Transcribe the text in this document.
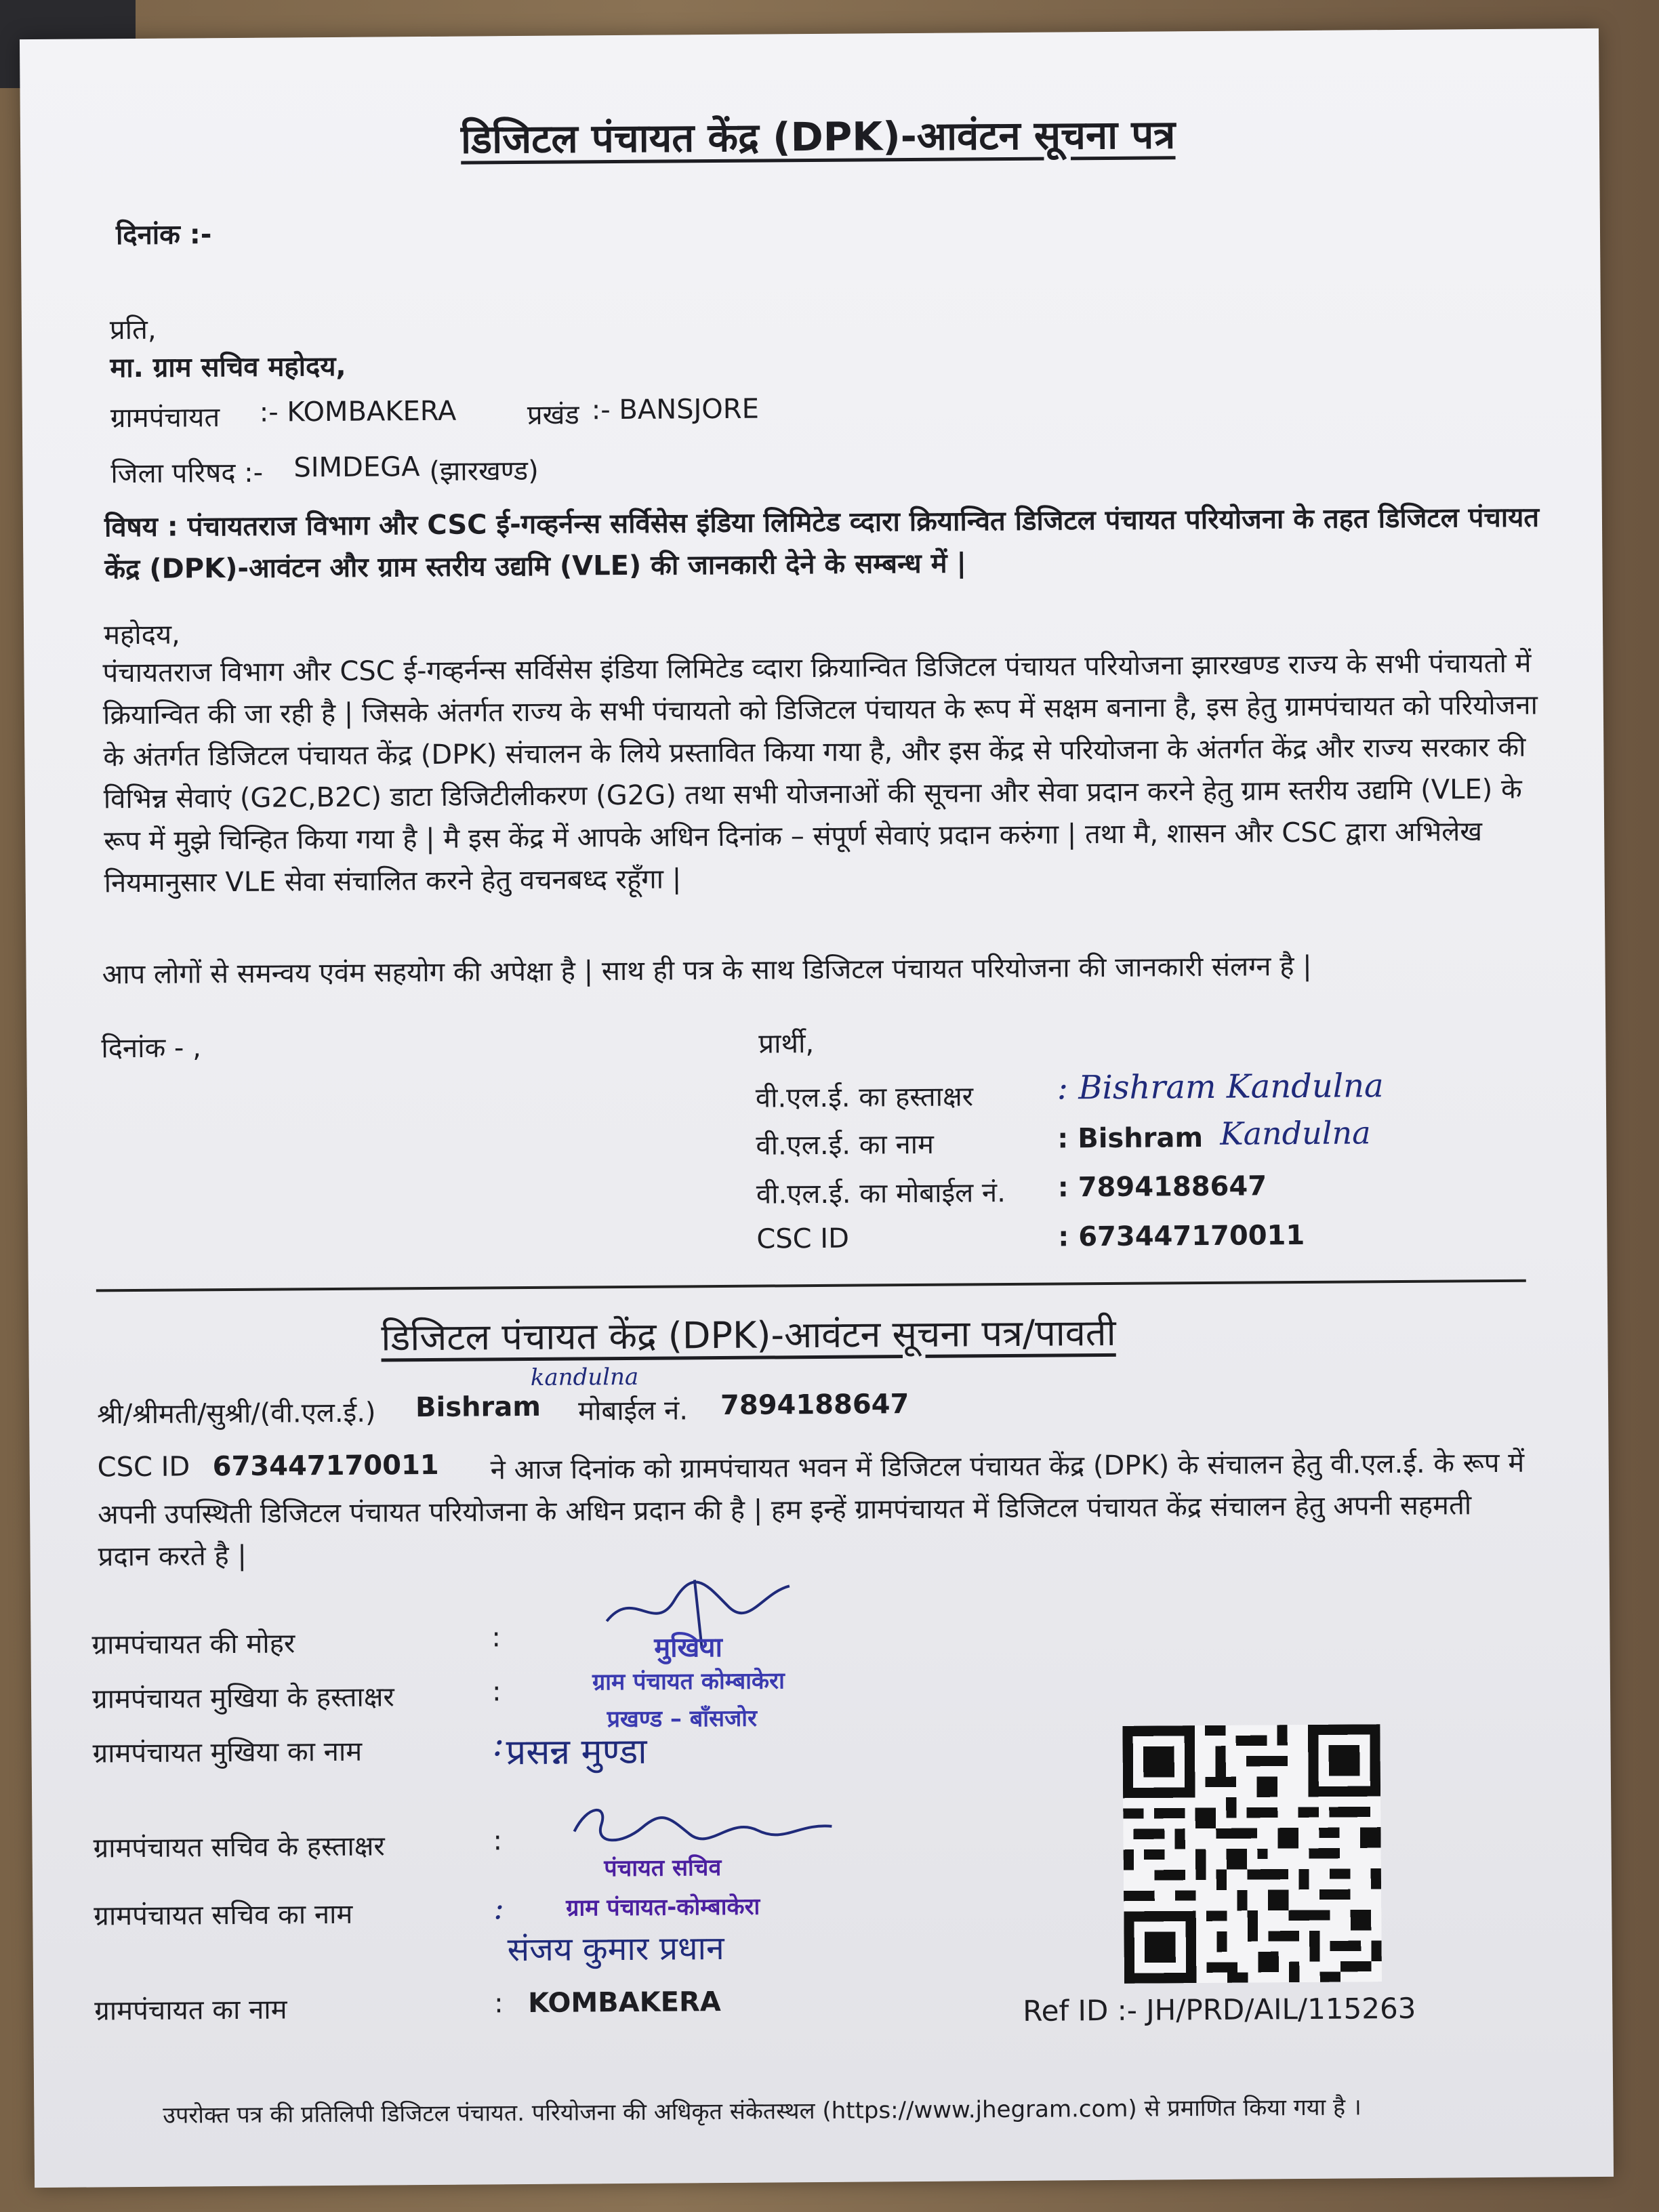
डिजिटल पंचायत केंद्र (DPK)-आवंटन सूचना पत्र
दिनांक :-
प्रति,
मा. ग्राम सचिव महोदय,
ग्रामपंचायत :- KOMBAKERA	प्रखंड :- BANSJORE
जिला परिषद :- SIMDEGA (झारखण्ड)
विषय : पंचायतराज विभाग और CSC ई-गव्हर्नन्स सर्विसेस इंडिया लिमिटेड व्दारा क्रियान्वित डिजिटल पंचायत परियोजना के तहत डिजिटल पंचायत केंद्र (DPK)-आवंटन और ग्राम स्तरीय उद्यमि (VLE) की जानकारी देने के सम्बन्ध में |
महोदय,
पंचायतराज विभाग और CSC ई-गव्हर्नन्स सर्विसेस इंडिया लिमिटेड व्दारा क्रियान्वित डिजिटल पंचायत परियोजना झारखण्ड राज्य के सभी पंचायतो में क्रियान्वित की जा रही है | जिसके अंतर्गत राज्य के सभी पंचायतो को डिजिटल पंचायत के रूप में सक्षम बनाना है, इस हेतु ग्रामपंचायत को परियोजना के अंतर्गत डिजिटल पंचायत केंद्र (DPK) संचालन के लिये प्रस्तावित किया गया है, और इस केंद्र से परियोजना के अंतर्गत केंद्र और राज्य सरकार की विभिन्न सेवाएं (G2C,B2C) डाटा डिजिटीलीकरण (G2G) तथा सभी योजनाओं की सूचना और सेवा प्रदान करने हेतु ग्राम स्तरीय उद्यमि (VLE) के रूप में मुझे चिन्हित किया गया है | मै इस केंद्र में आपके अधिन दिनांक – संपूर्ण सेवाएं प्रदान करुंगा | तथा मै, शासन और CSC द्वारा अभिलेख नियमानुसार VLE सेवा संचालित करने हेतु वचनबध्द रहूँगा |
आप लोगों से समन्वय एवंम सहयोग की अपेक्षा है | साथ ही पत्र के साथ डिजिटल पंचायत परियोजना की जानकारी संलग्न है |
दिनांक - ,	प्रार्थी,
वी.एल.ई. का हस्ताक्षर	: Bishram Kandulna
वी.एल.ई. का नाम	: Bishram Kandulna
वी.एल.ई. का मोबाईल नं. : 7894188647
CSC ID	: 673447170011
डिजिटल पंचायत केंद्र (DPK)-आवंटन सूचना पत्र/पावती
श्री/श्रीमती/सुश्री/(वी.एल.ई.) Bishram
kandulna
मोबाईल नं. 7894188647
CSC ID 673447170011	ने आज दिनांक को ग्रामपंचायत भवन में डिजिटल पंचायत केंद्र (DPK) के संचालन हेतु वी.एल.ई. के रूप में अपनी उपस्थिती डिजिटल पंचायत परियोजना के अधिन प्रदान की है | हम इन्हें ग्रामपंचायत में डिजिटल पंचायत केंद्र संचालन हेतु अपनी सहमती प्रदान करते है |
ग्रामपंचायत की मोहर	:
ग्रामपंचायत मुखिया के हस्ताक्षर	:
ग्रामपंचायत मुखिया का नाम	: प्रसन्न मुण्डा
ग्रामपंचायत सचिव के हस्ताक्षर	:
ग्रामपंचायत सचिव का नाम	:
संजय कुमार प्रधान
ग्रामपंचायत का नाम	: KOMBAKERA
मुखिया
ग्राम पंचायत कोम्बाकेरा
प्रखण्ड – बाँसजोर
पंचायत सचिव
ग्राम पंचायत-कोम्बाकेरा
Ref ID :- JH/PRD/AIL/115263
उपरोक्त पत्र की प्रतिलिपी डिजिटल पंचायत. परियोजना की अधिकृत संकेतस्थल (https://www.jhegram.com) से प्रमाणित किया गया है ।
